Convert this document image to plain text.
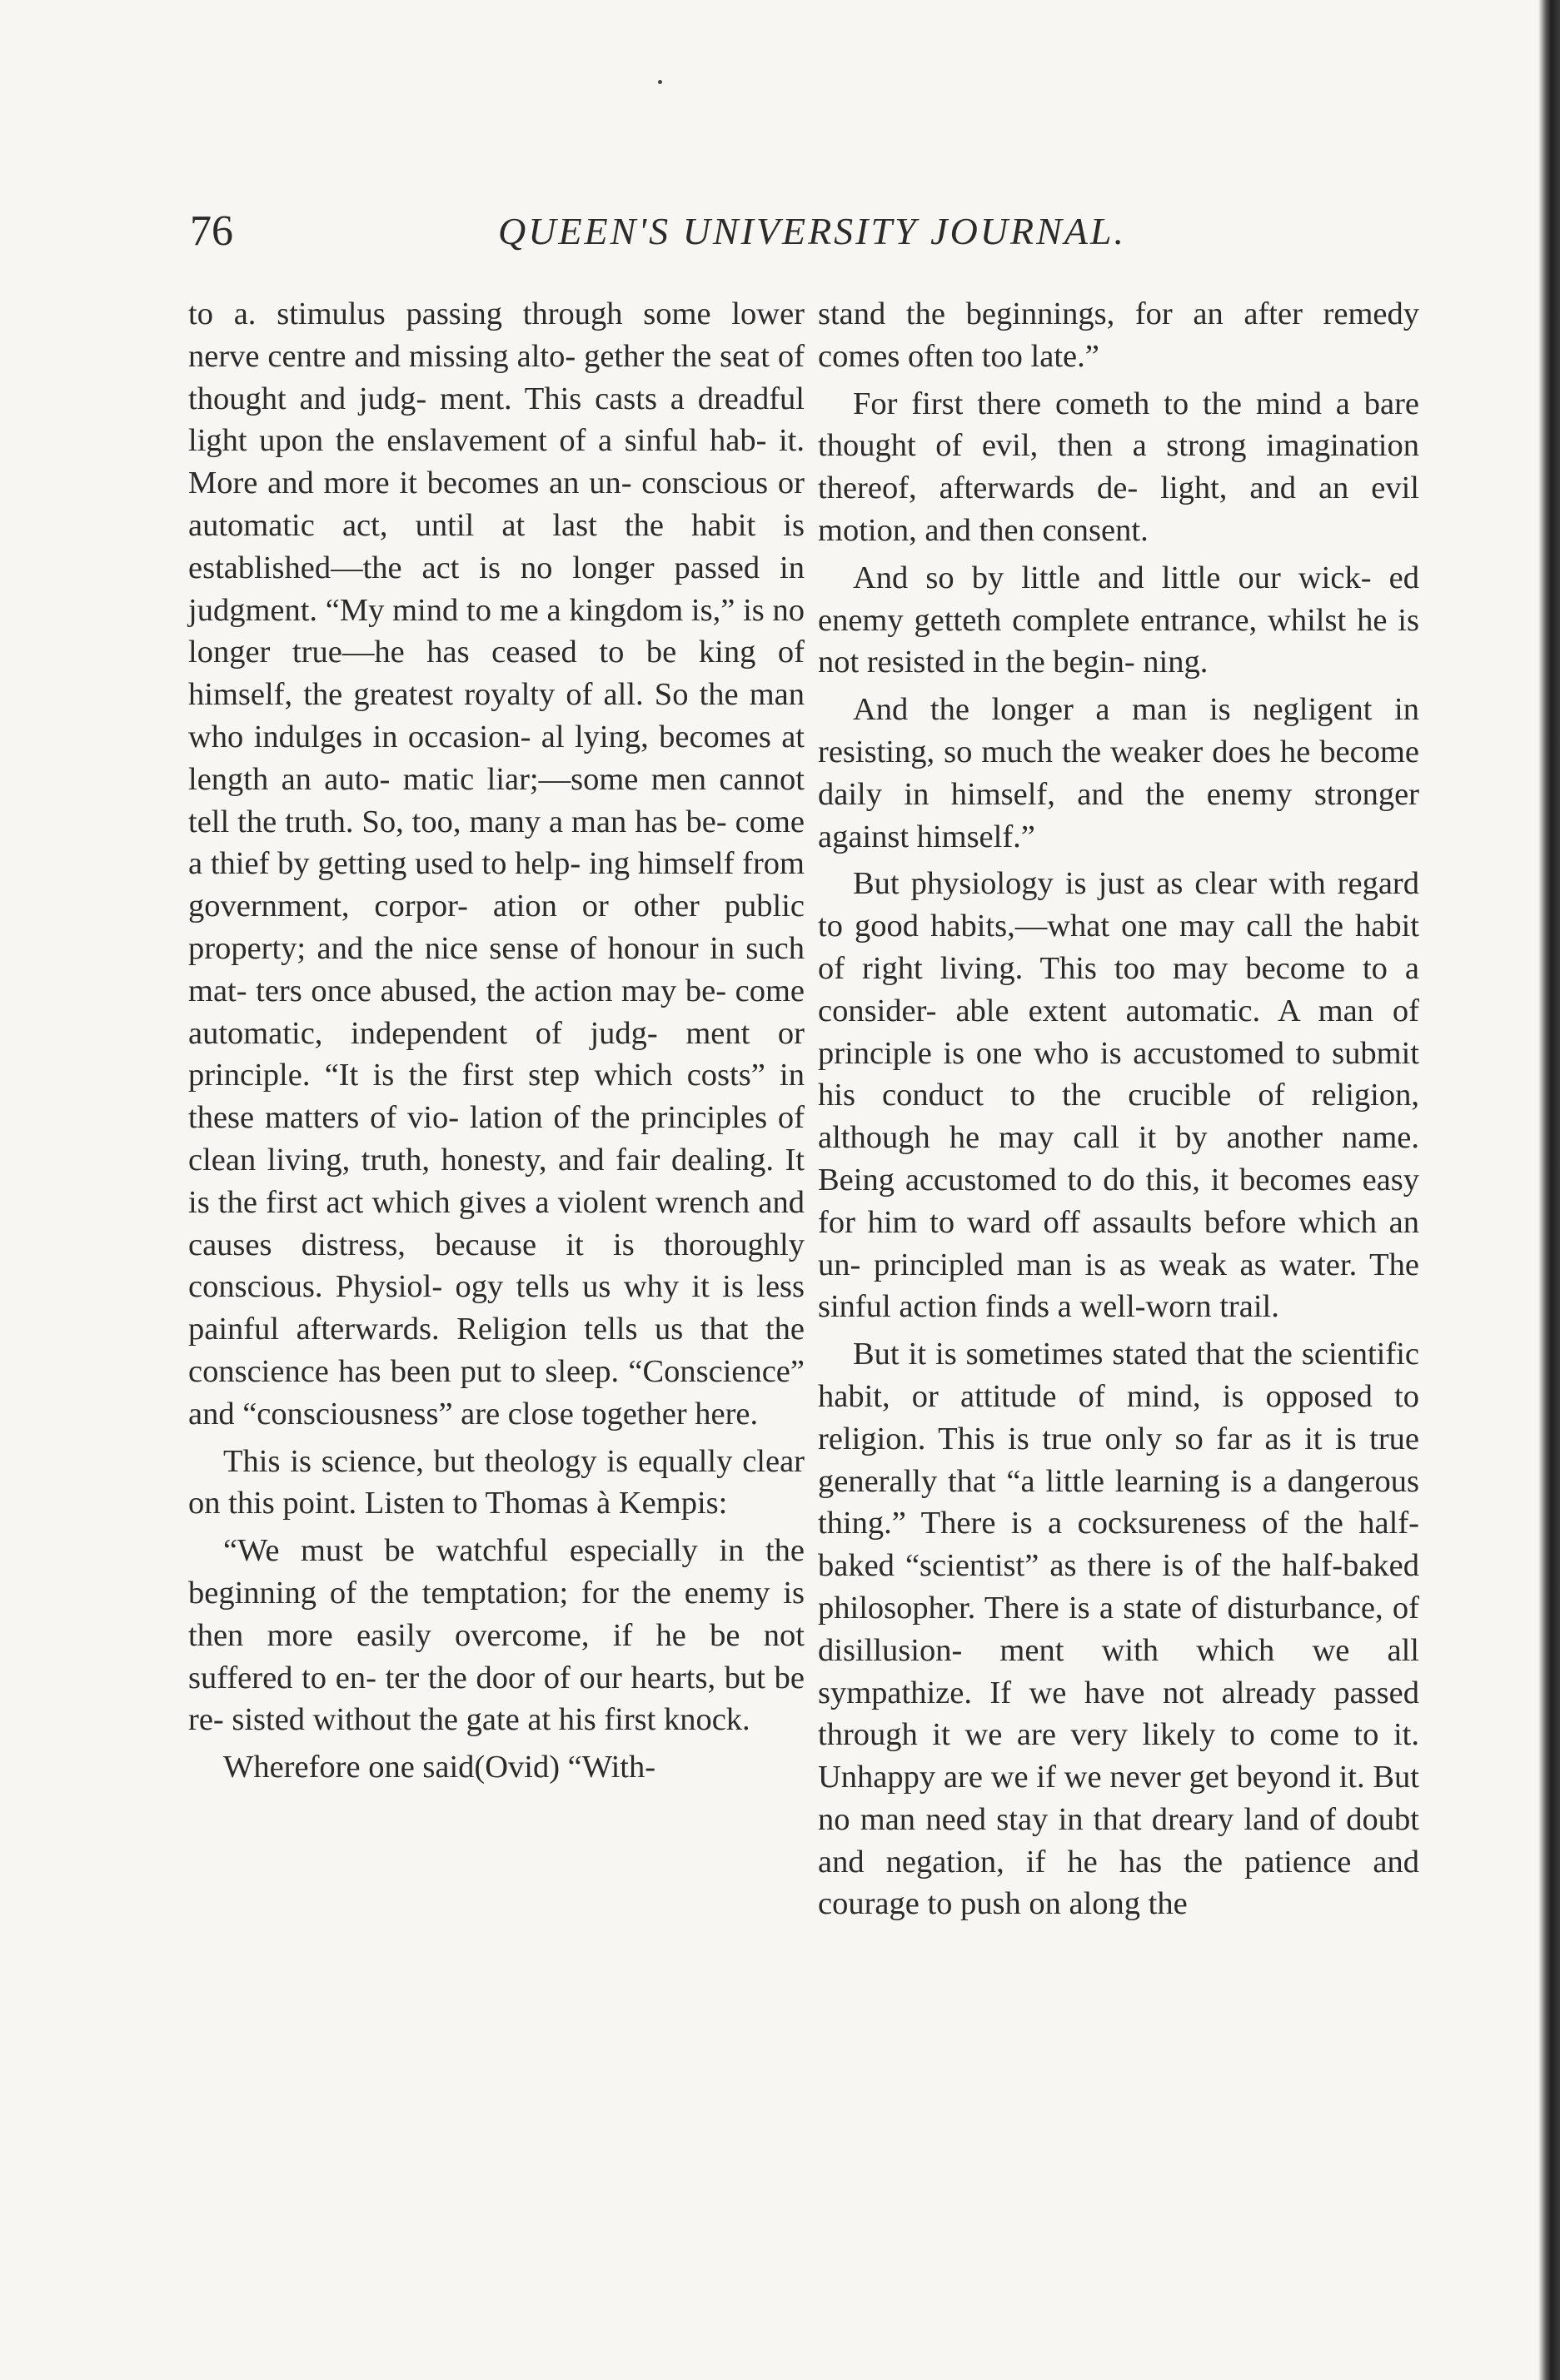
76	QUEEN'S UNIVERSITY JOURNAL.

to a. stimulus passing through some lower nerve centre and missing alto- gether the seat of thought and judg- ment. This casts a dreadful light upon the enslavement of a sinful hab- it. More and more it becomes an un- conscious or automatic act, until at last the habit is established—the act is no longer passed in judgment. “My mind to me a kingdom is,” is no longer true—he has ceased to be king of himself, the greatest royalty of all. So the man who indulges in occasion- al lying, becomes at length an auto- matic liar;—some men cannot tell the truth. So, too, many a man has be- come a thief by getting used to help- ing himself from government, corpor- ation or other public property; and the nice sense of honour in such mat- ters once abused, the action may be- come automatic, independent of judg- ment or principle. “It is the first step which costs” in these matters of vio- lation of the principles of clean living, truth, honesty, and fair dealing. It is the first act which gives a violent wrench and causes distress, because it is thoroughly conscious. Physiol- ogy tells us why it is less painful afterwards. Religion tells us that the conscience has been put to sleep. “Conscience” and “consciousness” are close together here.

This is science, but theology is equally clear on this point. Listen to Thomas à Kempis:

“We must be watchful especially in the beginning of the temptation; for the enemy is then more easily overcome, if he be not suffered to en- ter the door of our hearts, but be re- sisted without the gate at his first knock.

Wherefore one said(Ovid) “With-

stand the beginnings, for an after remedy comes often too late.”

For first there cometh to the mind a bare thought of evil, then a strong imagination thereof, afterwards de- light, and an evil motion, and then consent.

And so by little and little our wick- ed enemy getteth complete entrance, whilst he is not resisted in the begin- ning.

And the longer a man is negligent in resisting, so much the weaker does he become daily in himself, and the enemy stronger against himself.”

But physiology is just as clear with regard to good habits,—what one may call the habit of right living. This too may become to a consider- able extent automatic. A man of principle is one who is accustomed to submit his conduct to the crucible of religion, although he may call it by another name. Being accustomed to do this, it becomes easy for him to ward off assaults before which an un- principled man is as weak as water. The sinful action finds a well-worn trail.

But it is sometimes stated that the scientific habit, or attitude of mind, is opposed to religion. This is true only so far as it is true generally that “a little learning is a dangerous thing.” There is a cocksureness of the half- baked “scientist” as there is of the half-baked philosopher. There is a state of disturbance, of disillusion- ment with which we all sympathize. If we have not already passed through it we are very likely to come to it. Unhappy are we if we never get beyond it. But no man need stay in that dreary land of doubt and negation, if he has the patience and courage to push on along the
